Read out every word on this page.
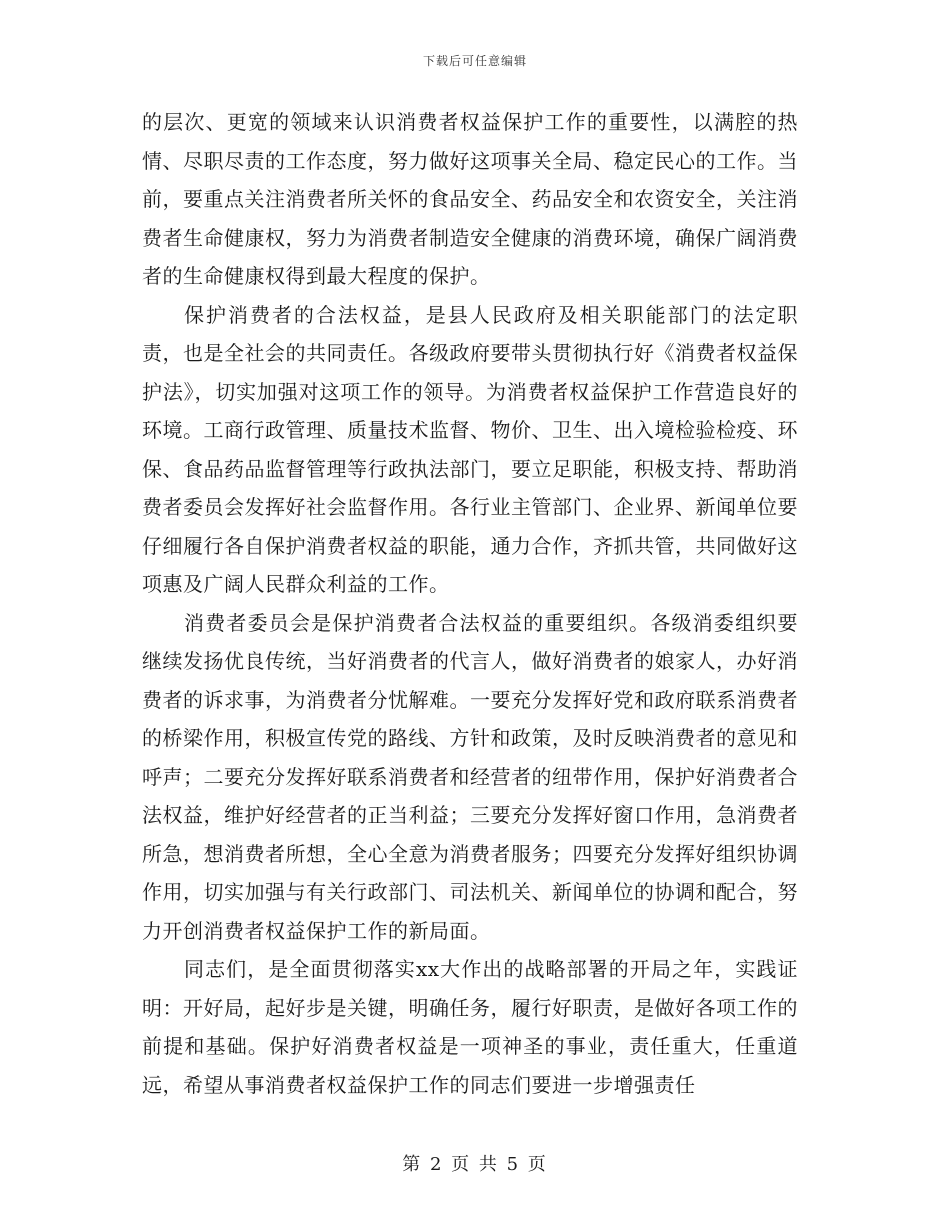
下载后可任意编辑

的层次、更宽的领域来认识消费者权益保护工作的重要性，以满腔的热情、尽职尽责的工作态度，努力做好这项事关全局、稳定民心的工作。当前，要重点关注消费者所关怀的食品安全、药品安全和农资安全，关注消费者生命健康权，努力为消费者制造安全健康的消费环境，确保广阔消费者的生命健康权得到最大程度的保护。

保护消费者的合法权益，是县人民政府及相关职能部门的法定职责，也是全社会的共同责任。各级政府要带头贯彻执行好《消费者权益保护法》，切实加强对这项工作的领导。为消费者权益保护工作营造良好的环境。工商行政管理、质量技术监督、物价、卫生、出入境检验检疫、环保、食品药品监督管理等行政执法部门，要立足职能，积极支持、帮助消费者委员会发挥好社会监督作用。各行业主管部门、企业界、新闻单位要仔细履行各自保护消费者权益的职能，通力合作，齐抓共管，共同做好这项惠及广阔人民群众利益的工作。

消费者委员会是保护消费者合法权益的重要组织。各级消委组织要继续发扬优良传统，当好消费者的代言人，做好消费者的娘家人，办好消费者的诉求事，为消费者分忧解难。一要充分发挥好党和政府联系消费者的桥梁作用，积极宣传党的路线、方针和政策，及时反映消费者的意见和呼声；二要充分发挥好联系消费者和经营者的纽带作用，保护好消费者合法权益，维护好经营者的正当利益；三要充分发挥好窗口作用，急消费者所急，想消费者所想，全心全意为消费者服务；四要充分发挥好组织协调作用，切实加强与有关行政部门、司法机关、新闻单位的协调和配合，努力开创消费者权益保护工作的新局面。

同志们，是全面贯彻落实xx大作出的战略部署的开局之年，实践证明：开好局，起好步是关键，明确任务，履行好职责，是做好各项工作的前提和基础。保护好消费者权益是一项神圣的事业，责任重大，任重道远，希望从事消费者权益保护工作的同志们要进一步增强责任

第 2 页 共 5 页
